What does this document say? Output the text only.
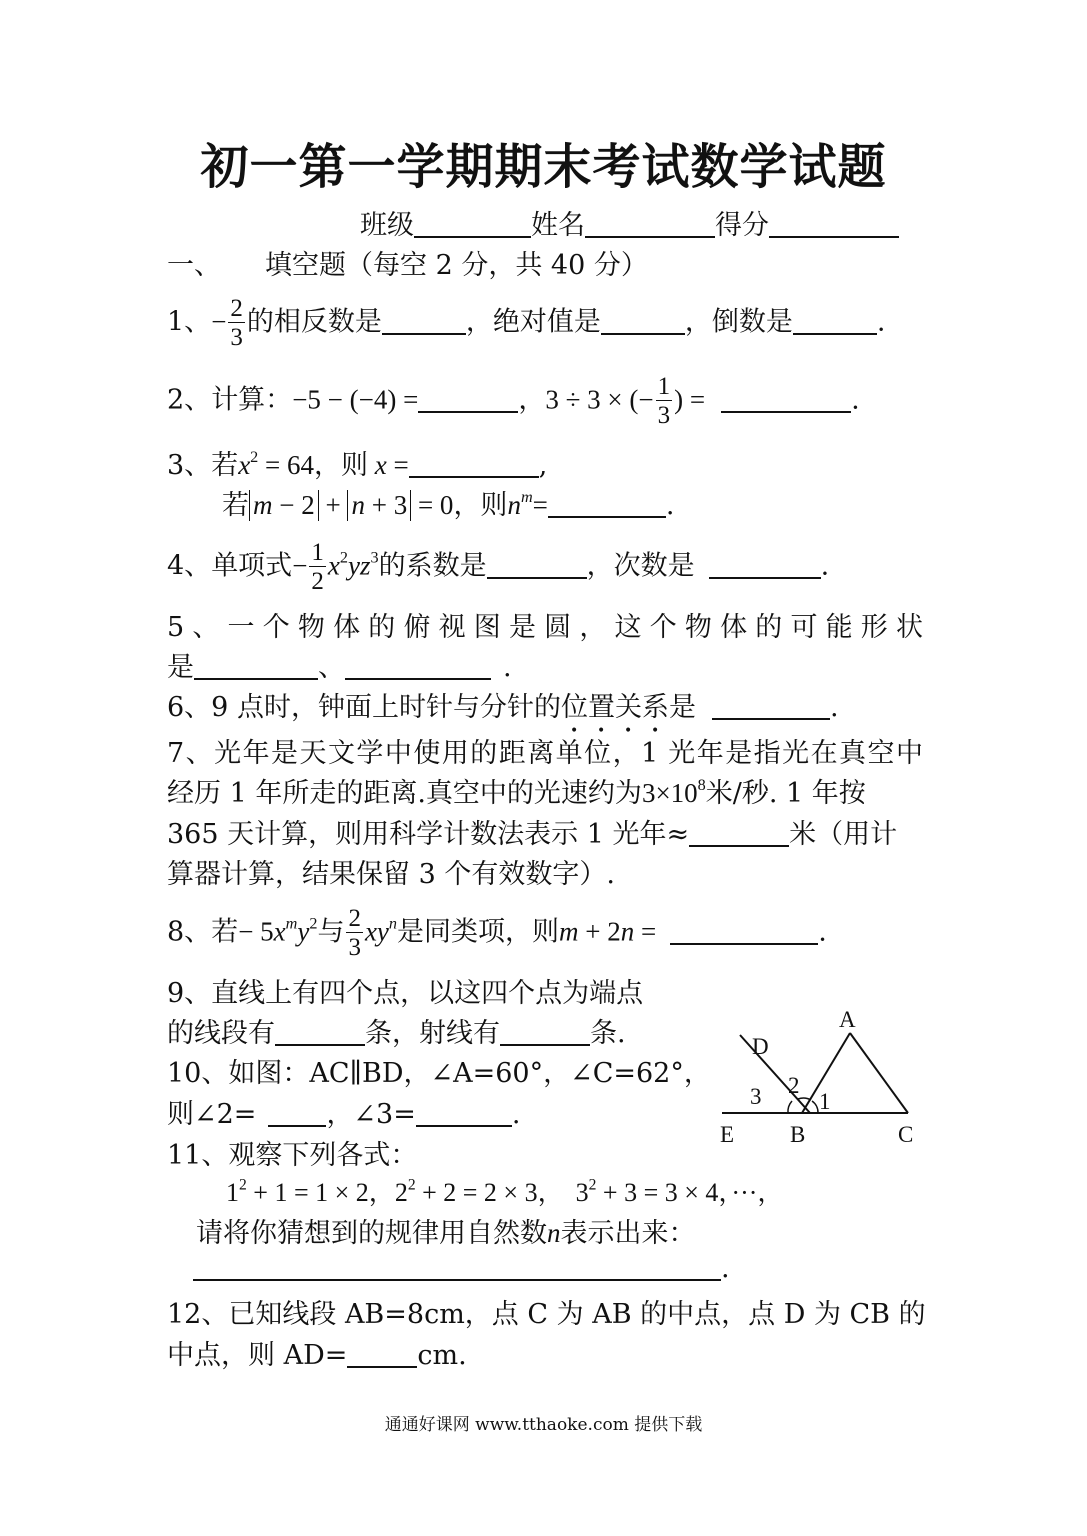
初一第一学期期末考试数学试题
班级	姓名	得分
一、 填空题（每空 2 分，共 40 分）
1、− $\frac{2}{3}$ 的相反数是	，绝对值是	，倒数是	.
2、计算：−5 − (−4) =	，3 ÷ 3 × (− $\frac{1}{3}$ ) =	.
3、若$x^2 = 64$，则 x =	,
若 m − 2 + n + 3 = 0，则$n^m=$	.
4、单项式− $\frac{1}{2} x^2yz^3$的系数是	，次数是	.
5、一个物体的俯视图是圆，这个物体的可能形状
是	、	.
6、9 点时，钟面上时针与分针的位置关系是	.
7、光年是天文学中使用的距离单位，1 光年是指光在真空中
经历 1 年所走的距离.真空中的光速约为$3\times 10^8$米/秒. 1 年按
365 天计算，则用科学计数法表示 1 光年≈	米（用计
算器计算，结果保留 3 个有效数字）.
8、若− $5x^my^2$与 $\frac{2}{3} xy^n$是同类项，则m + 2n =	.
9、直线上有四个点，以这四个点为端点
的线段有	条，射线有	条.
10、如图：AC∥BD，∠A=60°，∠C=62°，
则∠2=	，∠3=	.
A
D
2
3	1
E B	C
11、观察下列各式：
$1^2 + 1 = 1 \times 2$，$2^2 + 2 = 2 \times 3$， $3^2 + 3 = 3 \times 4$，···，
请将你猜想到的规律用自然数n表示出来：
.
12、已知线段 AB=8cm，点 C 为 AB 的中点，点 D 为 CB 的
中点，则 AD=	cm.
通通好课网 www.tthaoke.com 提供下载
